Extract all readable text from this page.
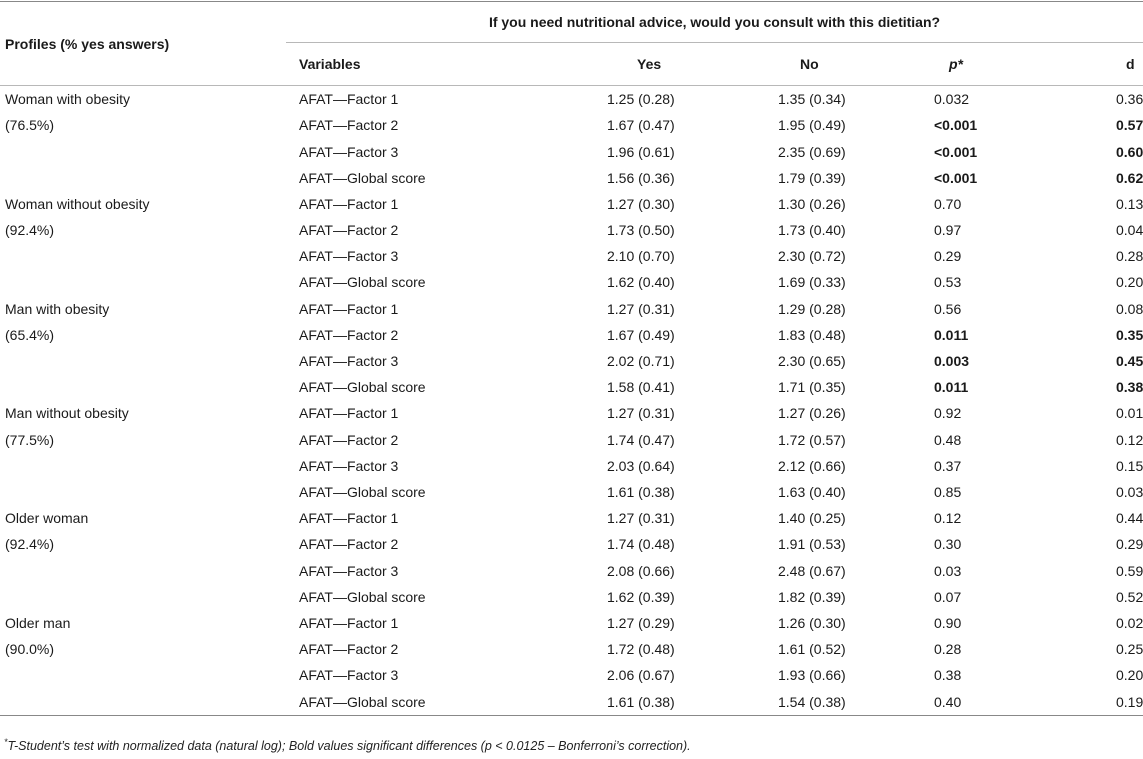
Profiles (% yes answers)	If you need nutritional advice, would you consult with this dietitian?				
	Variables	Yes	No	p*	d
Woman with obesity	AFAT—Factor 1	1.25 (0.28)	1.35 (0.34)	0.032	0.36
(76.5%)	AFAT—Factor 2	1.67 (0.47)	1.95 (0.49)	<0.001	0.57
	AFAT—Factor 3	1.96 (0.61)	2.35 (0.69)	<0.001	0.60
	AFAT—Global score	1.56 (0.36)	1.79 (0.39)	<0.001	0.62
Woman without obesity	AFAT—Factor 1	1.27 (0.30)	1.30 (0.26)	0.70	0.13
(92.4%)	AFAT—Factor 2	1.73 (0.50)	1.73 (0.40)	0.97	0.04
	AFAT—Factor 3	2.10 (0.70)	2.30 (0.72)	0.29	0.28
	AFAT—Global score	1.62 (0.40)	1.69 (0.33)	0.53	0.20
Man with obesity	AFAT—Factor 1	1.27 (0.31)	1.29 (0.28)	0.56	0.08
(65.4%)	AFAT—Factor 2	1.67 (0.49)	1.83 (0.48)	0.011	0.35
	AFAT—Factor 3	2.02 (0.71)	2.30 (0.65)	0.003	0.45
	AFAT—Global score	1.58 (0.41)	1.71 (0.35)	0.011	0.38
Man without obesity	AFAT—Factor 1	1.27 (0.31)	1.27 (0.26)	0.92	0.01
(77.5%)	AFAT—Factor 2	1.74 (0.47)	1.72 (0.57)	0.48	0.12
	AFAT—Factor 3	2.03 (0.64)	2.12 (0.66)	0.37	0.15
	AFAT—Global score	1.61 (0.38)	1.63 (0.40)	0.85	0.03
Older woman	AFAT—Factor 1	1.27 (0.31)	1.40 (0.25)	0.12	0.44
(92.4%)	AFAT—Factor 2	1.74 (0.48)	1.91 (0.53)	0.30	0.29
	AFAT—Factor 3	2.08 (0.66)	2.48 (0.67)	0.03	0.59
	AFAT—Global score	1.62 (0.39)	1.82 (0.39)	0.07	0.52
Older man	AFAT—Factor 1	1.27 (0.29)	1.26 (0.30)	0.90	0.02
(90.0%)	AFAT—Factor 2	1.72 (0.48)	1.61 (0.52)	0.28	0.25
	AFAT—Factor 3	2.06 (0.67)	1.93 (0.66)	0.38	0.20
	AFAT—Global score	1.61 (0.38)	1.54 (0.38)	0.40	0.19
*T-Student’s test with normalized data (natural log); Bold values significant differences (p < 0.0125 – Bonferroni’s correction).
